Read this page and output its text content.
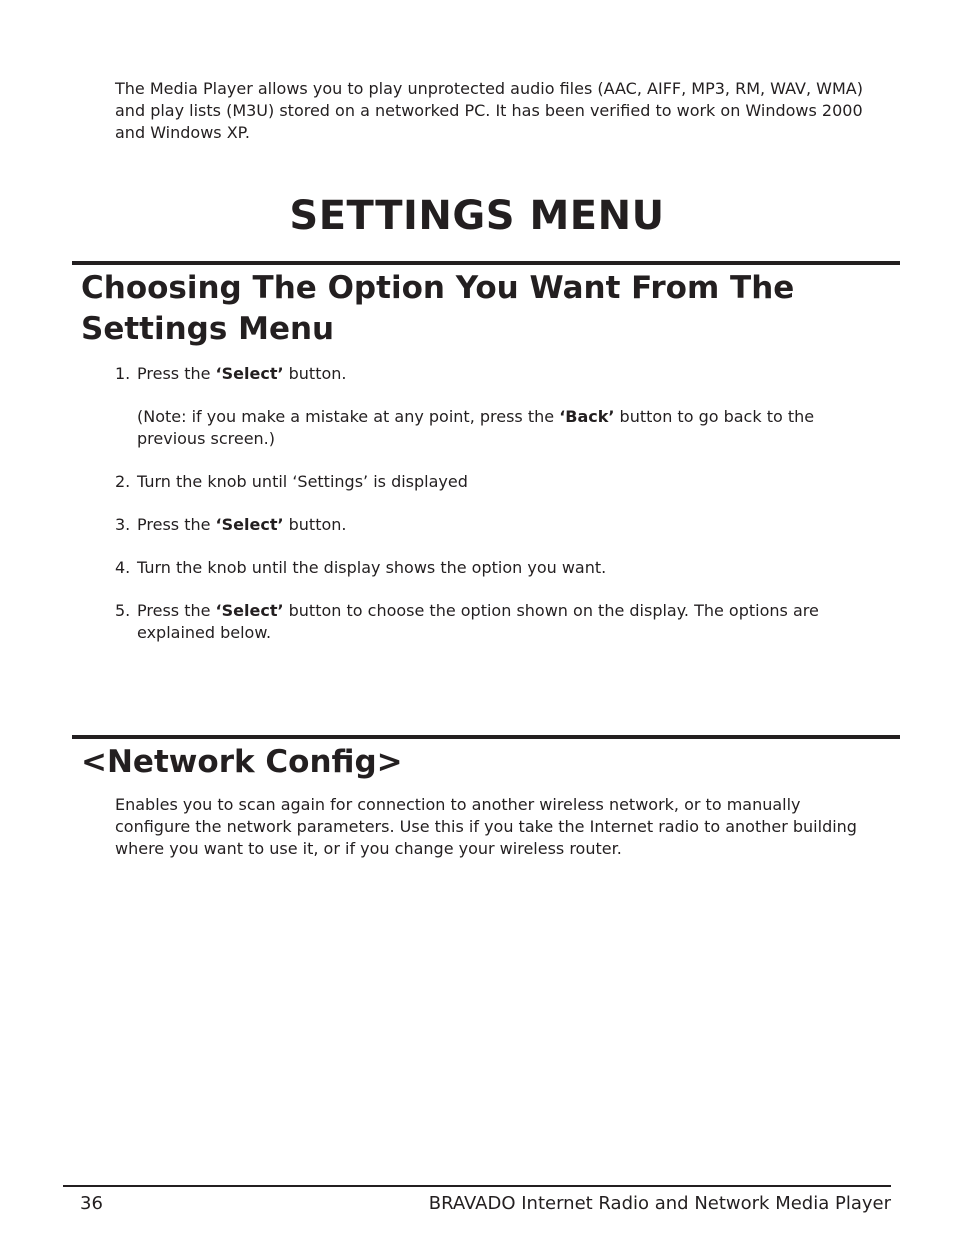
The Media Player allows you to play unprotected audio files (AAC, AIFF, MP3, RM, WAV, WMA) and play lists (M3U) stored on a networked PC. It has been verified to work on Windows 2000 and Windows XP.

SETTINGS MENU
Choosing The Option You Want From The Settings Menu
1. Press the ‘Select’ button.

(Note: if you make a mistake at any point, press the ‘Back’ button to go back to the previous screen.)

2. Turn the knob until ‘Settings’ is displayed

3. Press the ‘Select’ button.

4. Turn the knob until the display shows the option you want.

5. Press the ‘Select’ button to choose the option shown on the display. The options are explained below.

<Network Config>

Enables you to scan again for connection to another wireless network, or to manually configure the network parameters. Use this if you take the Internet radio to another building where you want to use it, or if you change your wireless router.

36	BRAVADO Internet Radio and Network Media Player
